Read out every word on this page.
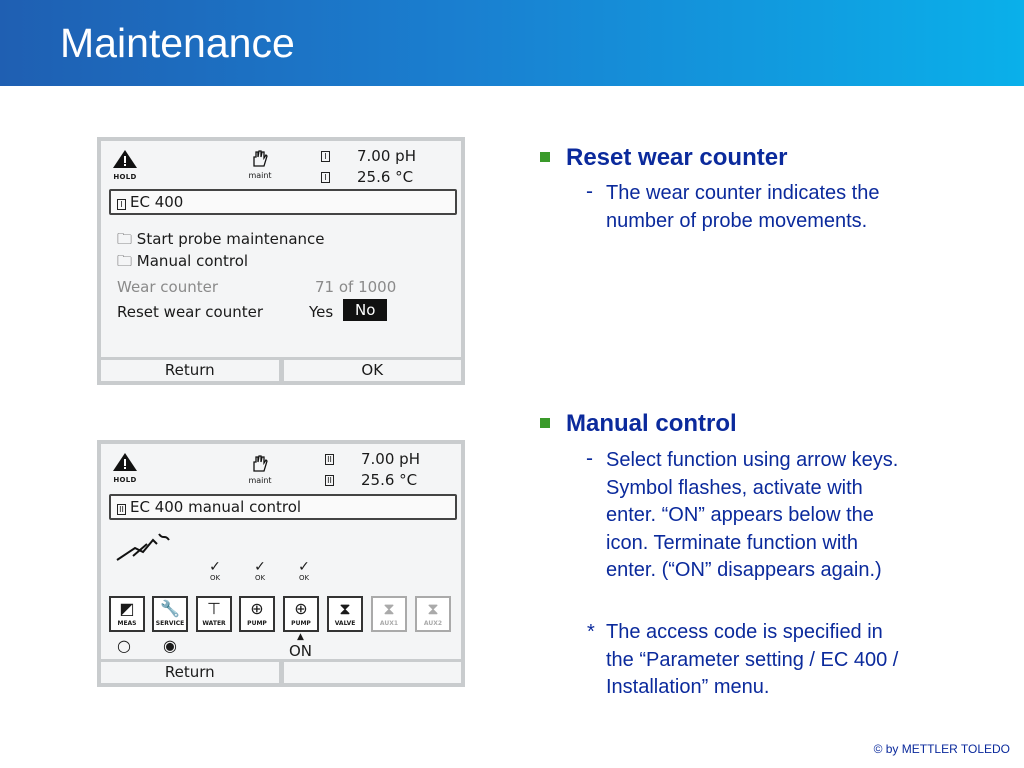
Maintenance
HOLD	maint
I 7.00 pH
I 25.6 °C
I EC 400
🗀 Start probe maintenance
🗀 Manual control
Wear counter	71 of 1000
Reset wear counter	Yes	No
Return	OK
HOLD	maint
II 7.00 pH
II 25.6 °C
II EC 400 manual control
✓
OK
✓
OK
✓
OK
◩
MEAS
🔧
SERVICE
⊤
WATER
⊕
PUMP
⊕
PUMP
⧗
VALVE
⧗
AUX1
⧗
AUX2
○ ◉	▲
ON
Return
Reset wear counter
- The wear counter indicates the
number of probe movements.
Manual control
- Select function using arrow keys.
Symbol flashes, activate with
enter. “ON” appears below the
icon. Terminate function with
enter. (“ON” disappears again.)
* The access code is specified in
the “Parameter setting / EC 400 /
Installation” menu.
© by METTLER TOLEDO
